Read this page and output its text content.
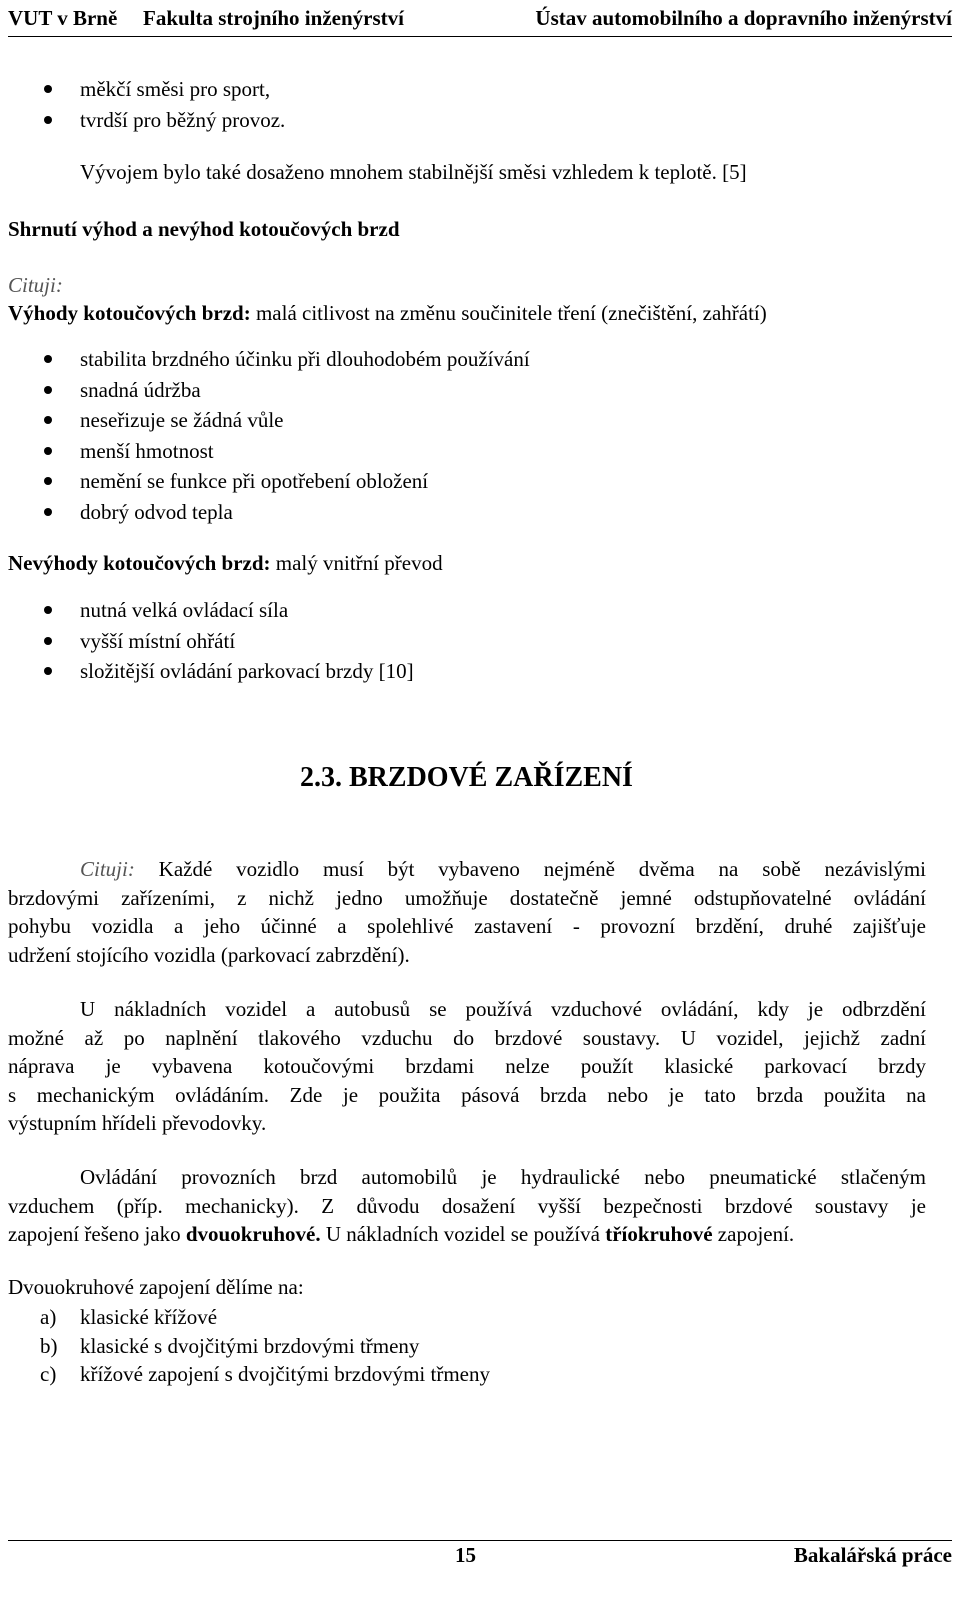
VUT v Brně Fakulta strojního inženýrství	Ústav automobilního a dopravního inženýrství
měkčí směsi pro sport,
tvrdší pro běžný provoz.
Vývojem bylo také dosaženo mnohem stabilnější směsi vzhledem k teplotě. [5]
Shrnutí výhod a nevýhod kotoučových brzd
Cituji:
Výhody kotoučových brzd: malá citlivost na změnu součinitele tření (znečištění, zahřátí)
stabilita brzdného účinku při dlouhodobém používání
snadná údržba
neseřizuje se žádná vůle
menší hmotnost
nemění se funkce při opotřebení obložení
dobrý odvod tepla
Nevýhody kotoučových brzd: malý vnitřní převod
nutná velká ovládací síla
vyšší místní ohřátí
složitější ovládání parkovací brzdy [10]
2.3. BRZDOVÉ ZAŘÍZENÍ
Cituji: Každé vozidlo musí být vybaveno nejméně dvěma na sobě nezávislými
brzdovými zařízeními, z nichž jedno umožňuje dostatečně jemné odstupňovatelné ovládání
pohybu vozidla a jeho účinné a spolehlivé zastavení - provozní brzdění, druhé zajišťuje
udržení stojícího vozidla (parkovací zabrzdění).
U nákladních vozidel a autobusů se používá vzduchové ovládání, kdy je odbrzdění
možné až po naplnění tlakového vzduchu do brzdové soustavy. U vozidel, jejichž zadní
náprava je vybavena kotoučovými brzdami nelze použít klasické parkovací brzdy
s mechanickým ovládáním. Zde je použita pásová brzda nebo je tato brzda použita na
výstupním hřídeli převodovky.
Ovládání provozních brzd automobilů je hydraulické nebo pneumatické stlačeným
vzduchem (příp. mechanicky). Z důvodu dosažení vyšší bezpečnosti brzdové soustavy je
zapojení řešeno jako dvouokruhové. U nákladních vozidel se používá tříokruhové zapojení.
Dvouokruhové zapojení dělíme na:
a) klasické křížové
b) klasické s dvojčitými brzdovými třmeny
c) křížové zapojení s dvojčitými brzdovými třmeny
15	Bakalářská práce
